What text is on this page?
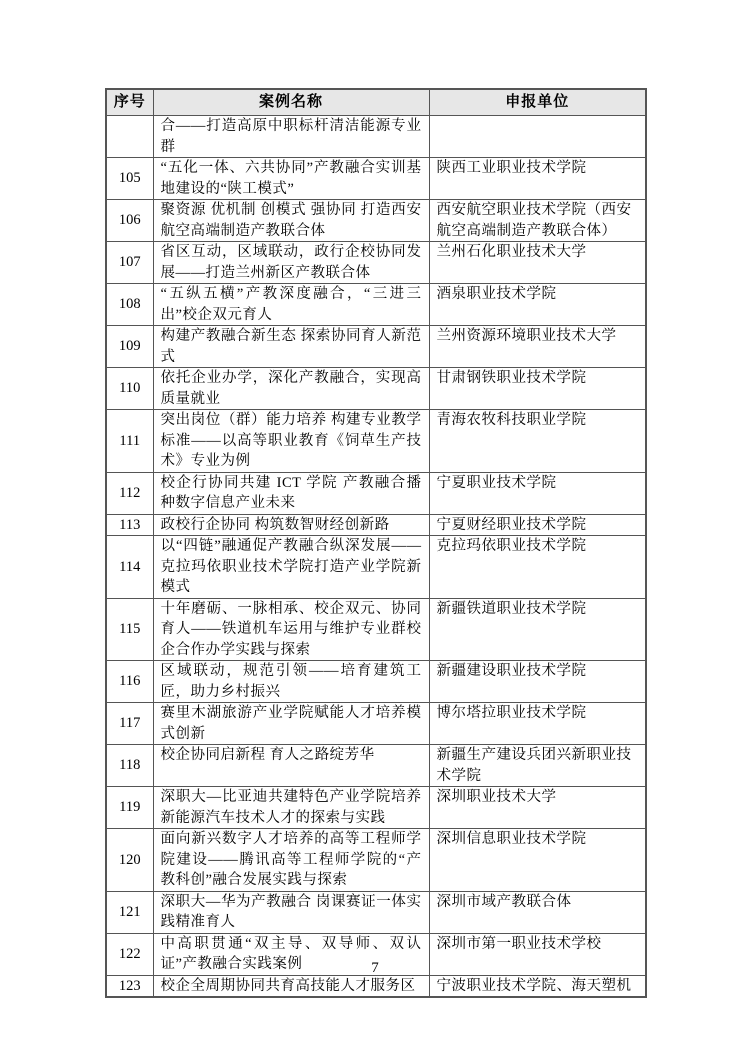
序号	案例名称	申报单位
	合——打造高原中职标杆清洁能源专业群	
105	“五化一体、六共协同”产教融合实训基地建设的“陕工模式”	陕西工业职业技术学院
106	聚资源 优机制 创模式 强协同 打造西安航空高端制造产教联合体	西安航空职业技术学院（西安航空高端制造产教联合体）
107	省区互动，区域联动，政行企校协同发展——打造兰州新区产教联合体	兰州石化职业技术大学
108	“五纵五横”产教深度融合，“三进三出”校企双元育人	酒泉职业技术学院
109	构建产教融合新生态 探索协同育人新范式	兰州资源环境职业技术大学
110	依托企业办学，深化产教融合，实现高质量就业	甘肃钢铁职业技术学院
111	突出岗位（群）能力培养 构建专业教学标准——以高等职业教育《饲草生产技术》专业为例	青海农牧科技职业学院
112	校企行协同共建 ICT 学院 产教融合播种数字信息产业未来	宁夏职业技术学院
113	政校行企协同 构筑数智财经创新路	宁夏财经职业技术学院
114	以“四链”融通促产教融合纵深发展——克拉玛依职业技术学院打造产业学院新模式	克拉玛依职业技术学院
115	十年磨砺、一脉相承、校企双元、协同育人——铁道机车运用与维护专业群校企合作办学实践与探索	新疆铁道职业技术学院
116	区域联动，规范引领——培育建筑工匠，助力乡村振兴	新疆建设职业技术学院
117	赛里木湖旅游产业学院赋能人才培养模式创新	博尔塔拉职业技术学院
118	校企协同启新程 育人之路绽芳华	新疆生产建设兵团兴新职业技术学院
119	深职大—比亚迪共建特色产业学院培养新能源汽车技术人才的探索与实践	深圳职业技术大学
120	面向新兴数字人才培养的高等工程师学院建设——腾讯高等工程师学院的“产教科创”融合发展实践与探索	深圳信息职业技术学院
121	深职大—华为产教融合 岗课赛证一体实践精准育人	深圳市域产教联合体
122	中高职贯通“双主导、双导师、双认证”产教融合实践案例	深圳市第一职业技术学校
123	校企全周期协同共育高技能人才服务区	宁波职业技术学院、海天塑机
7
